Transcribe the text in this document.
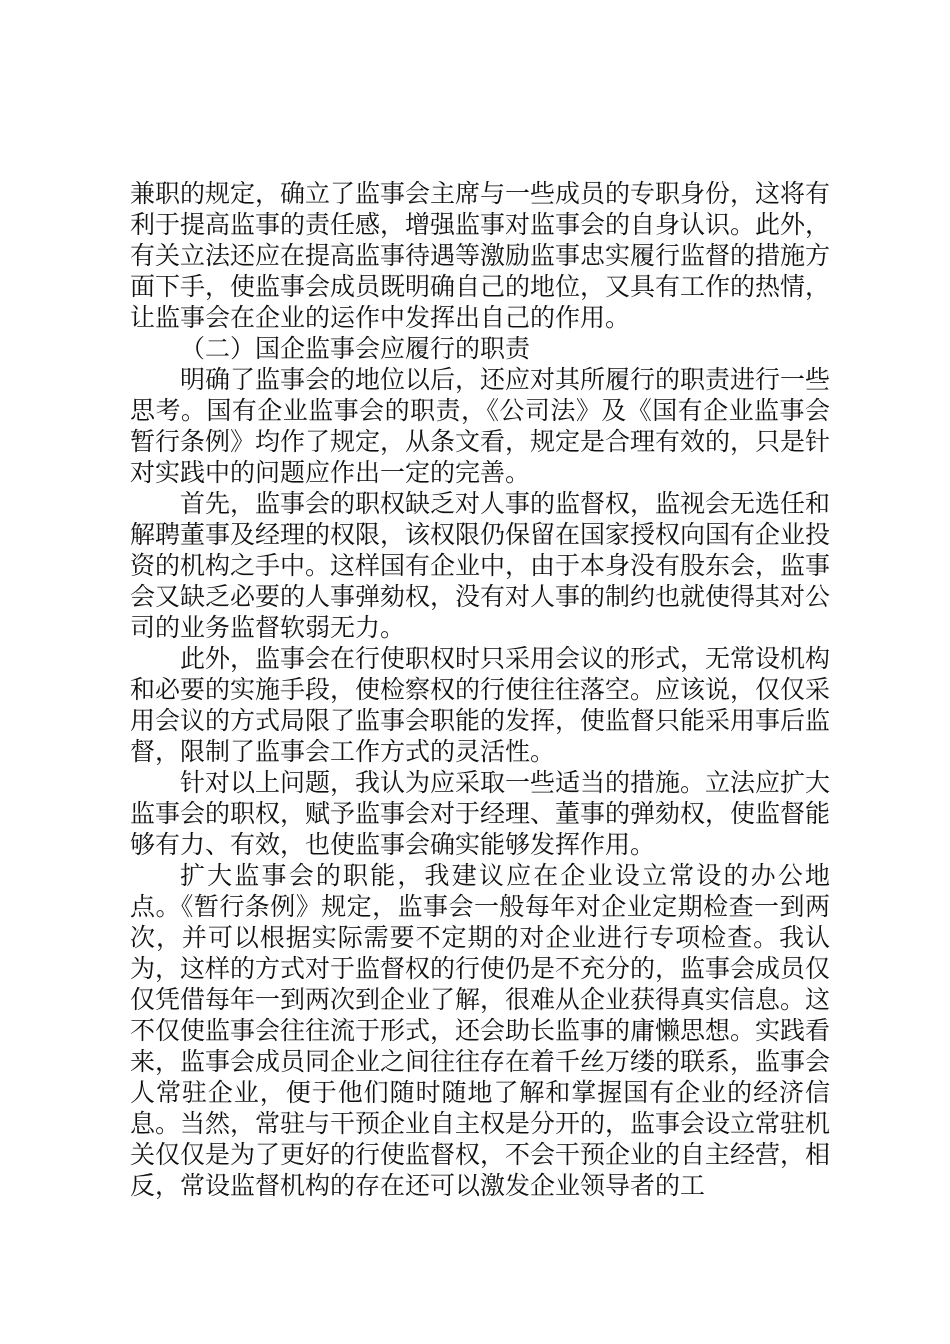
兼职的规定，确立了监事会主席与一些成员的专职身份，这将有利于提高监事的责任感，增强监事对监事会的自身认识。此外，有关立法还应在提高监事待遇等激励监事忠实履行监督的措施方面下手，使监事会成员既明确自己的地位，又具有工作的热情，让监事会在企业的运作中发挥出自己的作用。

（二）国企监事会应履行的职责

明确了监事会的地位以后，还应对其所履行的职责进行一些思考。国有企业监事会的职责，《公司法》及《国有企业监事会暂行条例》均作了规定，从条文看，规定是合理有效的，只是针对实践中的问题应作出一定的完善。

首先，监事会的职权缺乏对人事的监督权，监视会无选任和解聘董事及经理的权限，该权限仍保留在国家授权向国有企业投资的机构之手中。这样国有企业中，由于本身没有股东会，监事会又缺乏必要的人事弹劾权，没有对人事的制约也就使得其对公司的业务监督软弱无力。

此外，监事会在行使职权时只采用会议的形式，无常设机构和必要的实施手段，使检察权的行使往往落空。应该说，仅仅采用会议的方式局限了监事会职能的发挥，使监督只能采用事后监督，限制了监事会工作方式的灵活性。

针对以上问题，我认为应采取一些适当的措施。立法应扩大监事会的职权，赋予监事会对于经理、董事的弹劾权，使监督能够有力、有效，也使监事会确实能够发挥作用。

扩大监事会的职能，我建议应在企业设立常设的办公地点。《暂行条例》规定，监事会一般每年对企业定期检查一到两次，并可以根据实际需要不定期的对企业进行专项检查。我认为，这样的方式对于监督权的行使仍是不充分的，监事会成员仅仅凭借每年一到两次到企业了解，很难从企业获得真实信息。这不仅使监事会往往流于形式，还会助长监事的庸懒思想。实践看来，监事会成员同企业之间往往存在着千丝万缕的联系，监事会人常驻企业，便于他们随时随地了解和掌握国有企业的经济信息。当然，常驻与干预企业自主权是分开的，监事会设立常驻机关仅仅是为了更好的行使监督权，不会干预企业的自主经营，相反，常设监督机构的存在还可以激发企业领导者的工
